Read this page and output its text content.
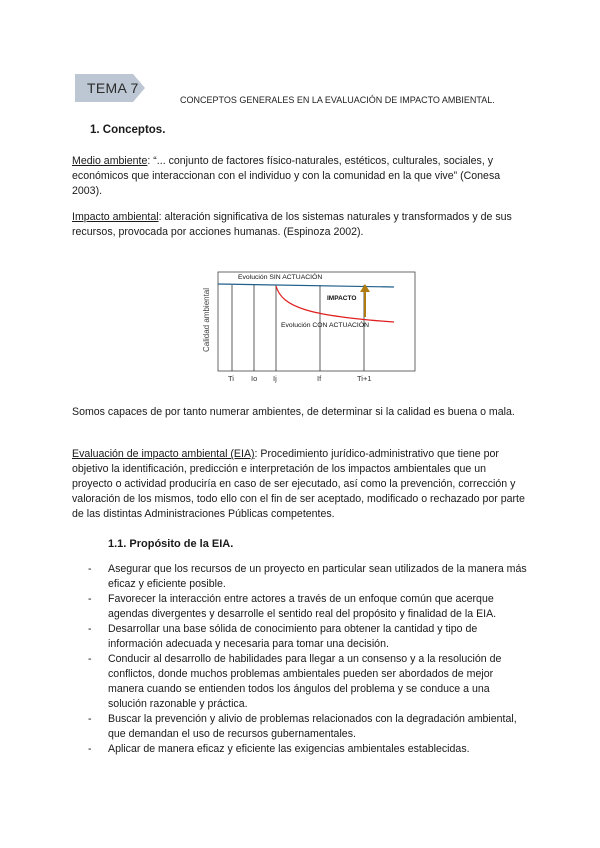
TEMA 7
CONCEPTOS GENERALES EN LA EVALUACIÓN DE IMPACTO AMBIENTAL.
1. Conceptos.
Medio ambiente: “... conjunto de factores físico-naturales, estéticos, culturales, sociales, y económicos que interaccionan con el individuo y con la comunidad en la que vive” (Conesa 2003).
Impacto ambiental: alteración significativa de los sistemas naturales y transformados y de sus recursos, provocada por acciones humanas. (Espinoza 2002).
Evolución SIN ACTUACIÓN
IMPACTO
Evolución CON ACTUACIÓN
Calidad ambiental
Ti Io Ij	If	Ti+1
Somos capaces de por tanto numerar ambientes, de determinar si la calidad es buena o mala.
Evaluación de impacto ambiental (EIA): Procedimiento jurídico-administrativo que tiene por objetivo la identificación, predicción e interpretación de los impactos ambientales que un proyecto o actividad produciría en caso de ser ejecutado, así como la prevención, corrección y valoración de los mismos, todo ello con el fin de ser aceptado, modificado o rechazado por parte de las distintas Administraciones Públicas competentes.
1.1. Propósito de la EIA.
- Asegurar que los recursos de un proyecto en particular sean utilizados de la manera más eficaz y eficiente posible.
- Favorecer la interacción entre actores a través de un enfoque común que acerque agendas divergentes y desarrolle el sentido real del propósito y finalidad de la EIA.
- Desarrollar una base sólida de conocimiento para obtener la cantidad y tipo de información adecuada y necesaria para tomar una decisión.
- Conducir al desarrollo de habilidades para llegar a un consenso y a la resolución de conflictos, donde muchos problemas ambientales pueden ser abordados de mejor manera cuando se entienden todos los ángulos del problema y se conduce a una solución razonable y práctica.
- Buscar la prevención y alivio de problemas relacionados con la degradación ambiental, que demandan el uso de recursos gubernamentales.
- Aplicar de manera eficaz y eficiente las exigencias ambientales establecidas.
